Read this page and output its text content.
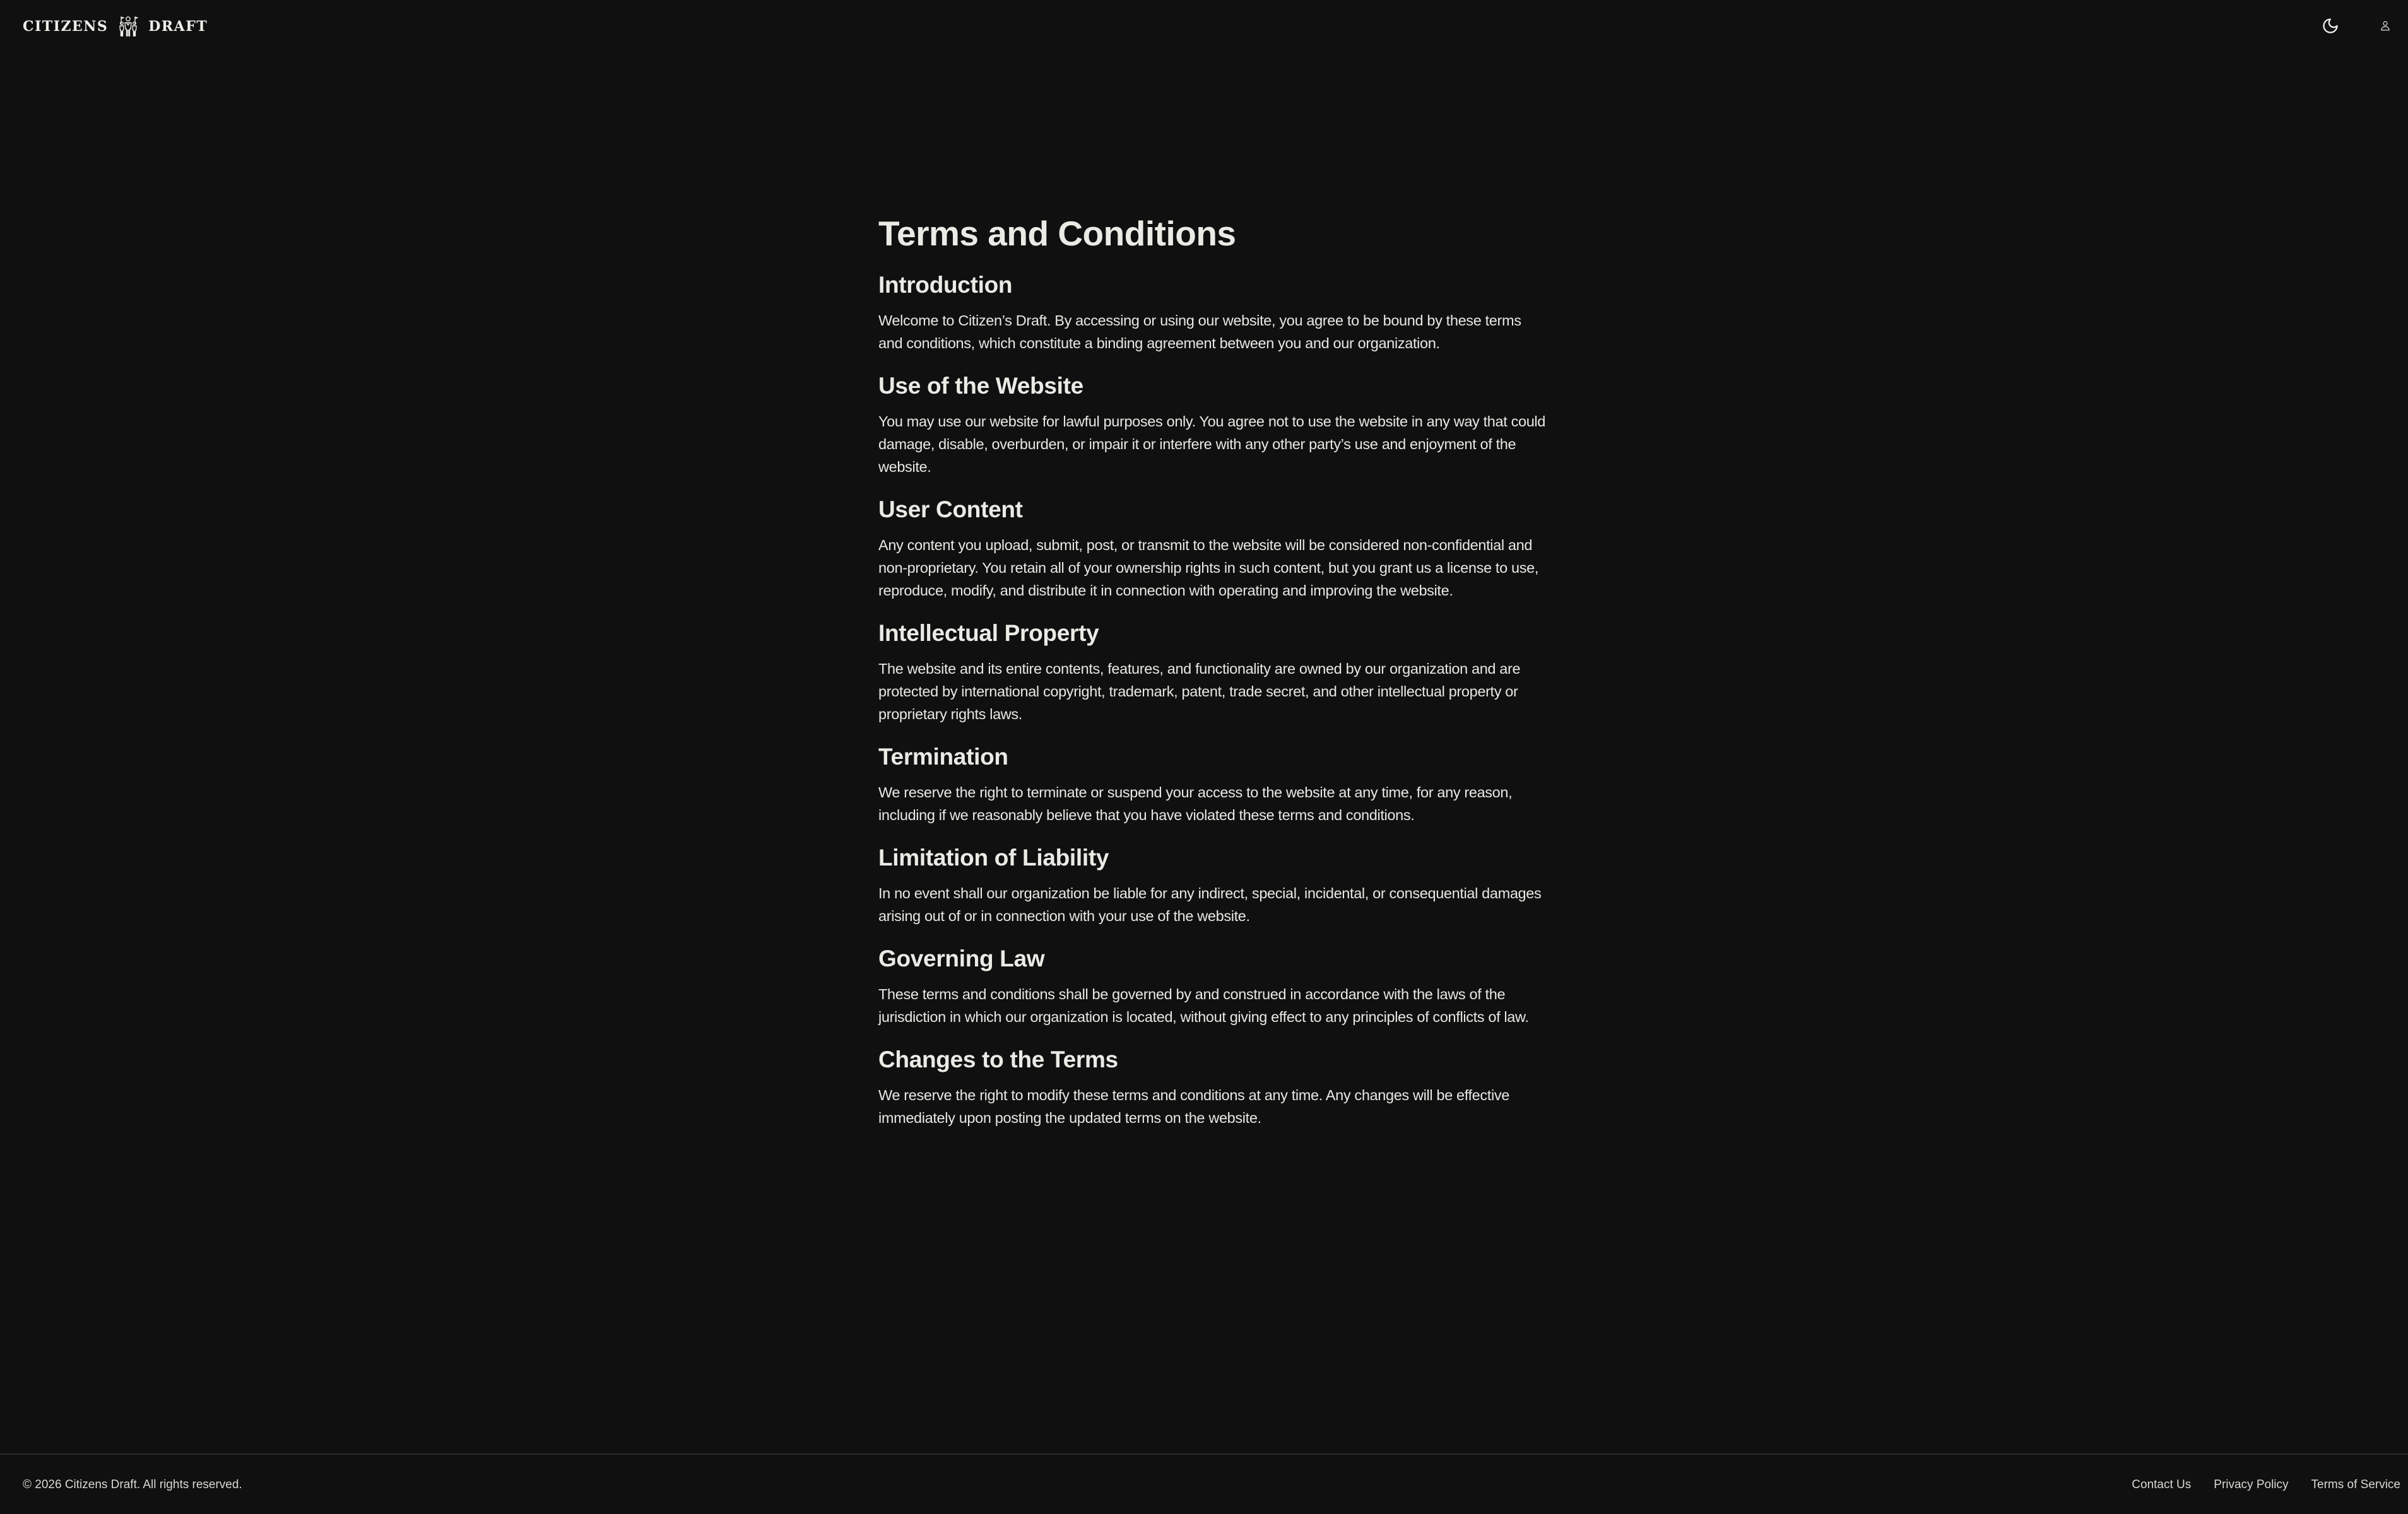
CITIZENS	DRAFT
Terms and Conditions
Introduction

Welcome to Citizen’s Draft. By accessing or using our website, you agree to be bound by these terms and conditions, which constitute a binding agreement between you and our organization.

Use of the Website

You may use our website for lawful purposes only. You agree not to use the website in any way that could damage, disable, overburden, or impair it or interfere with any other party’s use and enjoyment of the website.

User Content

Any content you upload, submit, post, or transmit to the website will be considered non-confidential and non-proprietary. You retain all of your ownership rights in such content, but you grant us a license to use, reproduce, modify, and distribute it in connection with operating and improving the website.

Intellectual Property

The website and its entire contents, features, and functionality are owned by our organization and are protected by international copyright, trademark, patent, trade secret, and other intellectual property or proprietary rights laws.

Termination

We reserve the right to terminate or suspend your access to the website at any time, for any reason, including if we reasonably believe that you have violated these terms and conditions.

Limitation of Liability

In no event shall our organization be liable for any indirect, special, incidental, or consequential damages arising out of or in connection with your use of the website.

Governing Law

These terms and conditions shall be governed by and construed in accordance with the laws of the jurisdiction in which our organization is located, without giving effect to any principles of conflicts of law.

Changes to the Terms

We reserve the right to modify these terms and conditions at any time. Any changes will be effective immediately upon posting the updated terms on the website.

© 2026 Citizens Draft. All rights reserved.	Contact Us Privacy Policy Terms of Service
